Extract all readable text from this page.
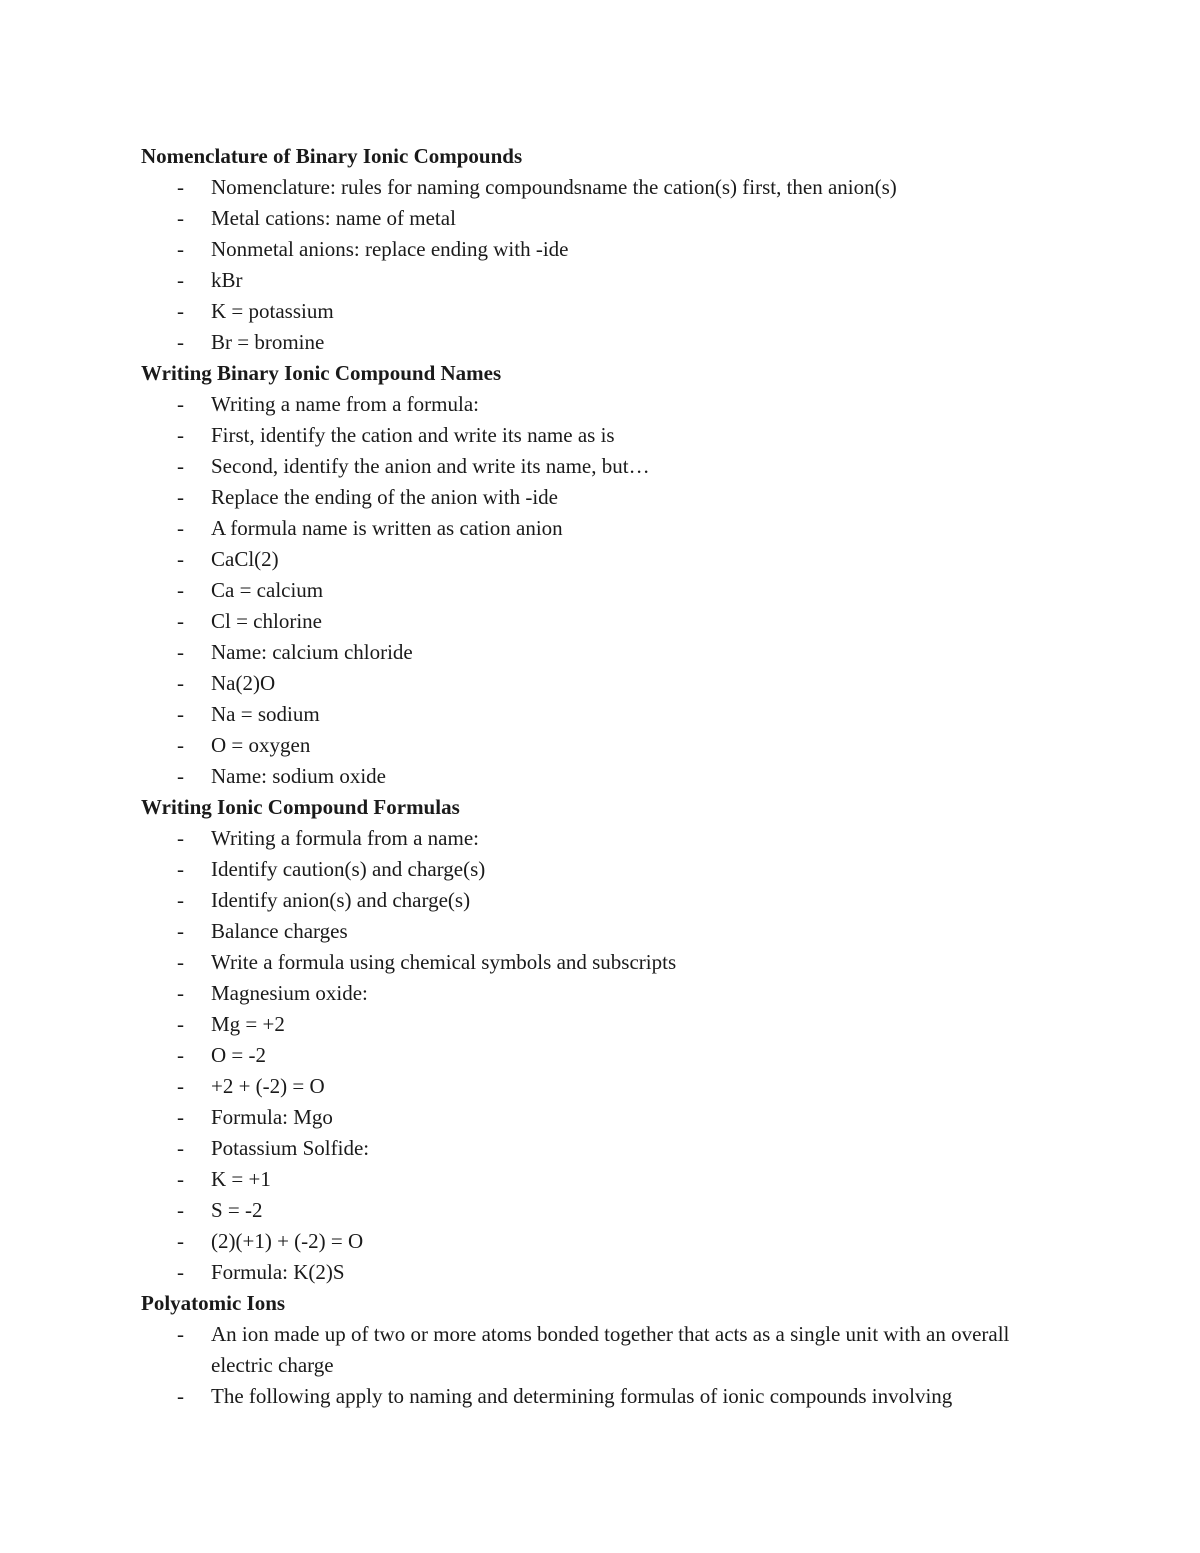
Nomenclature of Binary Ionic Compounds
-	Nomenclature: rules for naming compoundsname the cation(s) first, then anion(s)
-	Metal cations: name of metal
-	Nonmetal anions: replace ending with -ide
-	kBr
-	K = potassium
-	Br = bromine
Writing Binary Ionic Compound Names
-	Writing a name from a formula:
-	First, identify the cation and write its name as is
-	Second, identify the anion and write its name, but…
-	Replace the ending of the anion with -ide
-	A formula name is written as cation anion
-	CaCl(2)
-	Ca = calcium
-	Cl = chlorine
-	Name: calcium chloride
-	Na(2)O
-	Na = sodium
-	O = oxygen
-	Name: sodium oxide
Writing Ionic Compound Formulas
-	Writing a formula from a name:
-	Identify caution(s) and charge(s)
-	Identify anion(s) and charge(s)
-	Balance charges
-	Write a formula using chemical symbols and subscripts
-	Magnesium oxide:
-	Mg = +2
-	O = -2
-	+2 + (-2) = O
-	Formula: Mgo
-	Potassium Solfide:
-	K = +1
-	S = -2
-	(2)(+1) + (-2) = O
-	Formula: K(2)S
Polyatomic Ions
-	An ion made up of two or more atoms bonded together that acts as a single unit with an overall electric charge
-	The following apply to naming and determining formulas of ionic compounds involving
